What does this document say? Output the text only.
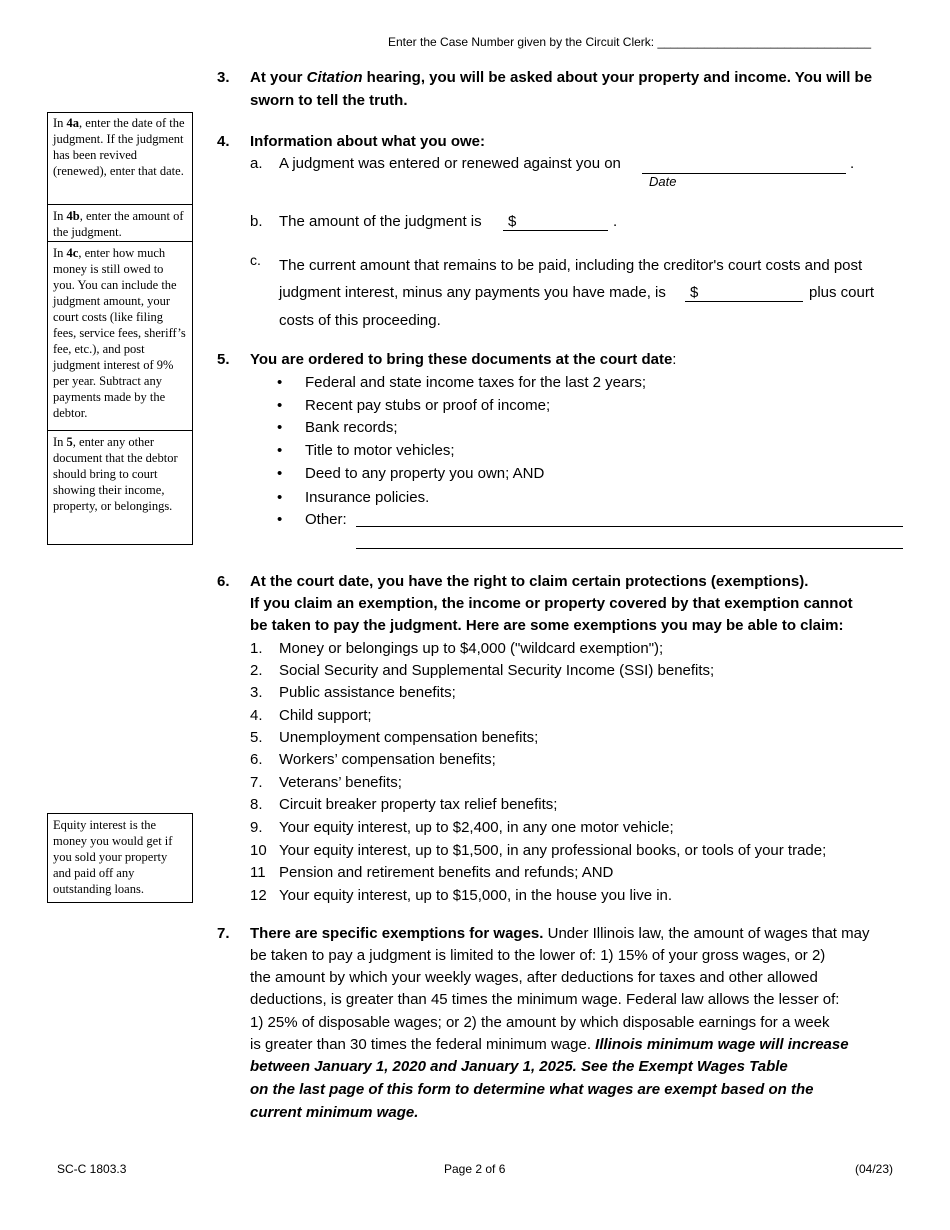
Enter the Case Number given by the Circuit Clerk: ________________________________
In 4a, enter the date of the judgment. If the judgment has been revived (renewed), enter that date.
In 4b, enter the amount of the judgment.
In 4c, enter how much money is still owed to you. You can include the judgment amount, your court costs (like filing fees, service fees, sheriff’s fee, etc.), and post judgment interest of 9% per year. Subtract any payments made by the debtor.
In 5, enter any other document that the debtor should bring to court showing their income, property, or belongings.
Equity interest is the money you would get if you sold your property and paid off any outstanding loans.
3. At your Citation hearing, you will be asked about your property and income. You will be
sworn to tell the truth.
4. Information about what you owe:
a. A judgment was entered or renewed against you on	.
Date
b. The amount of the judgment is $	.
c. The current amount that remains to be paid, including the creditor's court costs and post
judgment interest, minus any payments you have made, is $	plus court
costs of this proceeding.
5. You are ordered to bring these documents at the court date:
• Federal and state income taxes for the last 2 years;
• Recent pay stubs or proof of income;
• Bank records;
• Title to motor vehicles;
• Deed to any property you own; AND
• Insurance policies.
• Other:
6. At the court date, you have the right to claim certain protections (exemptions).
If you claim an exemption, the income or property covered by that exemption cannot
be taken to pay the judgment. Here are some exemptions you may be able to claim:
1.	Money or belongings up to $4,000 ("wildcard exemption");
2.	Social Security and Supplemental Security Income (SSI) benefits;
3.	Public assistance benefits;
4.	Child support;
5.	Unemployment compensation benefits;
6.	Workers’ compensation benefits;
7.	Veterans’ benefits;
8.	Circuit breaker property tax relief benefits;
9.	Your equity interest, up to $2,400, in any one motor vehicle;
10 Your equity interest, up to $1,500, in any professional books, or tools of your trade;
11 Pension and retirement benefits and refunds; AND
12 Your equity interest, up to $15,000, in the house you live in.
7. There are specific exemptions for wages. Under Illinois law, the amount of wages that may
be taken to pay a judgment is limited to the lower of: 1) 15% of your gross wages, or 2)
the amount by which your weekly wages, after deductions for taxes and other allowed
deductions, is greater than 45 times the minimum wage. Federal law allows the lesser of:
1) 25% of disposable wages; or 2) the amount by which disposable earnings for a week
is greater than 30 times the federal minimum wage. Illinois minimum wage will increase
between January 1, 2020 and January 1, 2025. See the Exempt Wages Table
on the last page of this form to determine what wages are exempt based on the
current minimum wage.
SC-C 1803.3	Page 2 of 6	(04/23)
